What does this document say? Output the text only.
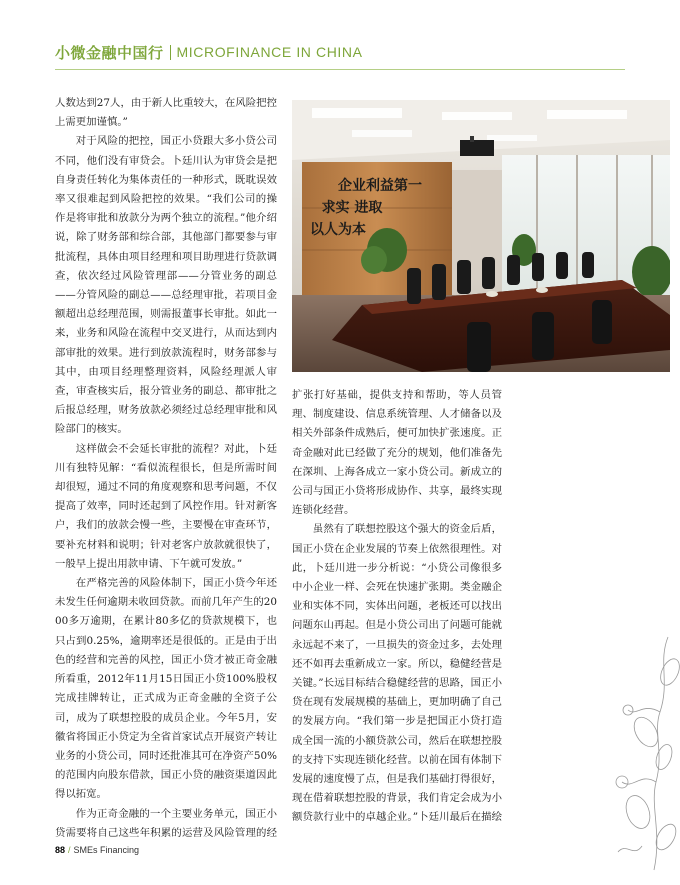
小微金融中国行 MICROFINANCE IN CHINA

人数达到27人，由于新人比重较大，在风险把控上需更加谨慎。”

对于风险的把控，国正小贷跟大多小贷公司不同，他们没有审贷会。卜廷川认为审贷会是把自身责任转化为集体责任的一种形式，既耽误效率又很难起到风险把控的效果。“我们公司的操作是将审批和放款分为两个独立的流程。”他介绍说，除了财务部和综合部，其他部门都要参与审批流程，具体由项目经理和项目助理进行贷款调查，依次经过风险管理部——分管业务的副总——分管风险的副总——总经理审批，若项目金额超出总经理范围，则需报董事长审批。如此一来，业务和风险在流程中交叉进行，从而达到内部审批的效果。进行到放款流程时，财务部参与其中，由项目经理整理资料，风险经理派人审查，审查核实后，报分管业务的副总、都审批之后报总经理，财务放款必须经过总经理审批和风险部门的核实。

这样做会不会延长审批的流程？对此，卜廷川有独特见解：“看似流程很长，但是所需时间却很短，通过不同的角度观察和思考问题，不仅提高了效率，同时还起到了风控作用。针对新客户，我们的放款会慢一些，主要慢在审查环节，要补充材料和说明；针对老客户放款就很快了，一般早上提出用款申请、下午就可发放。”

在严格完善的风险体制下，国正小贷今年还未发生任何逾期未收回贷款。而前几年产生的2000多万逾期，在累计80多亿的贷款规模下，也只占到0.25%，逾期率还是很低的。正是由于出色的经营和完善的风控，国正小贷才被正奇金融所看重，2012年11月15日国正小贷100%股权完成挂牌转让，正式成为正奇金融的全资子公司，成为了联想控股的成员企业。今年5月，安徽省将国正小贷定为全省首家试点开展资产转让业务的小贷公司，同时还批准其可在净资产50%的范围内向股东借款，国正小贷的融资渠道因此得以拓宽。

作为正奇金融的一个主要业务单元，国正小贷需要将自己这些年积累的运营及风险管理的经

企业利益第一
求实 进取
以人为本

扩张打好基础，提供支持和帮助，等人员管理、制度建设、信息系统管理、人才储备以及相关外部条件成熟后，便可加快扩张速度。正奇金融对此已经做了充分的规划，他们准备先在深圳、上海各成立一家小贷公司。新成立的公司与国正小贷将形成协作、共享，最终实现连锁化经营。

虽然有了联想控股这个强大的资金后盾，国正小贷在企业发展的节奏上依然很理性。对此，卜廷川进一步分析说：“小贷公司像很多中小企业一样、会死在快速扩张期。类金融企业和实体不同，实体出问题，老板还可以找出问题东山再起。但是小贷公司出了问题可能就永远起不来了，一旦损失的资金过多，去处理还不如再去重新成立一家。所以，稳健经营是关键。”长远目标结合稳健经营的思路，国正小贷在现有发展规模的基础上，更加明确了自己的发展方向。“我们第一步是把国正小贷打造成全国一流的小额贷款公司，然后在联想控股的支持下实现连锁化经营。以前在国有体制下发展的速度慢了点，但是我们基础打得很好，现在借着联想控股的背景，我们肯定会成为小额贷款行业中的卓越企业。”卜廷川最后在描绘

88 / SMEs Financing
